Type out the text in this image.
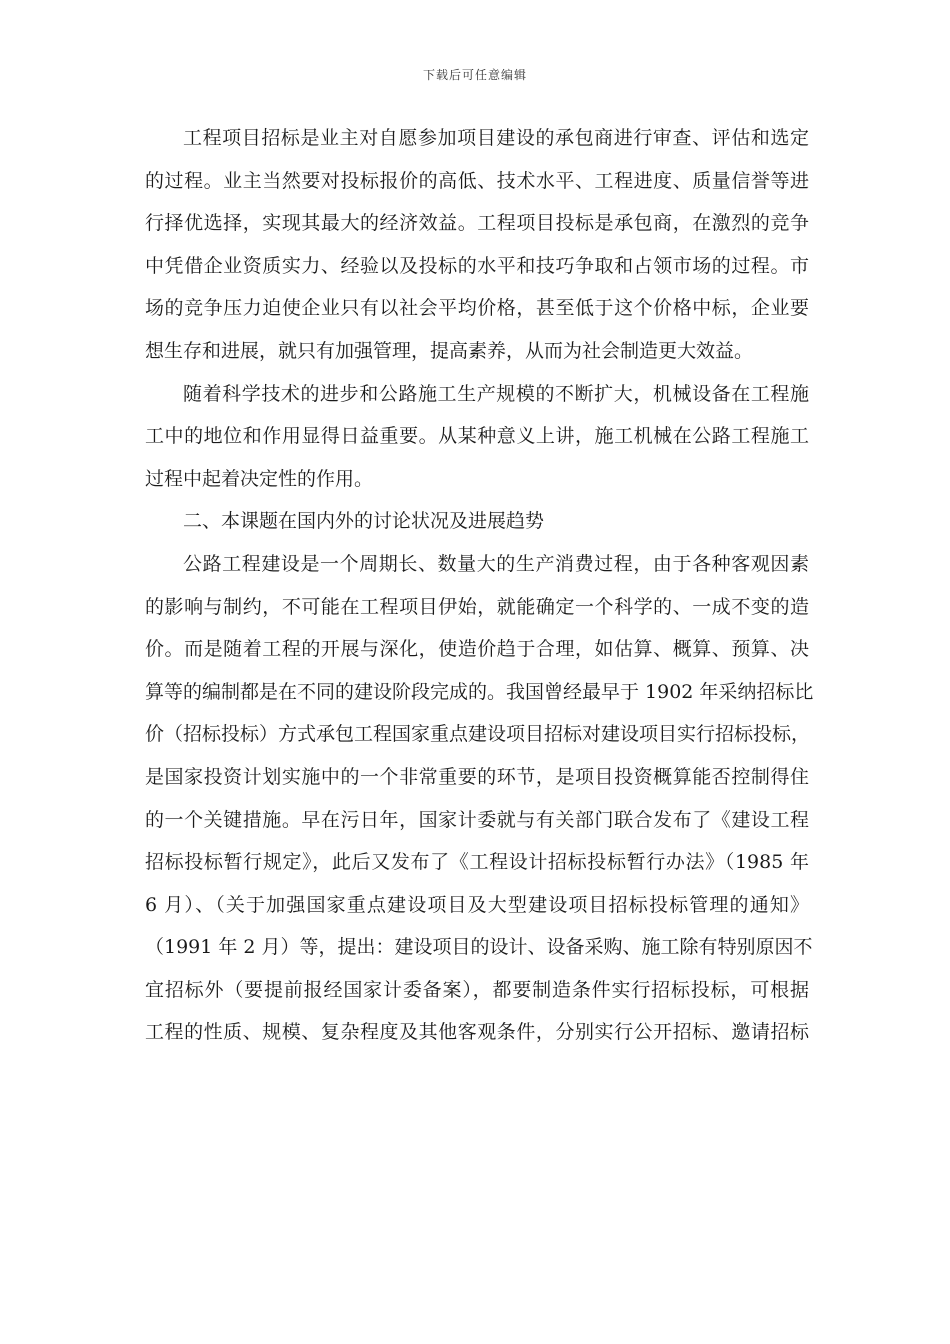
下载后可任意编辑
工程项目招标是业主对自愿参加项目建设的承包商进行审查、评估和选定
的过程。业主当然要对投标报价的高低、技术水平、工程进度、质量信誉等进
行择优选择，实现其最大的经济效益。工程项目投标是承包商，在激烈的竞争
中凭借企业资质实力、经验以及投标的水平和技巧争取和占领市场的过程。市
场的竞争压力迫使企业只有以社会平均价格，甚至低于这个价格中标，企业要
想生存和进展，就只有加强管理，提高素养，从而为社会制造更大效益。
随着科学技术的进步和公路施工生产规模的不断扩大，机械设备在工程施
工中的地位和作用显得日益重要。从某种意义上讲，施工机械在公路工程施工
过程中起着决定性的作用。
二、本课题在国内外的讨论状况及进展趋势
公路工程建设是一个周期长、数量大的生产消费过程，由于各种客观因素
的影响与制约，不可能在工程项目伊始，就能确定一个科学的、一成不变的造
价。而是随着工程的开展与深化，使造价趋于合理，如估算、概算、预算、决
算等的编制都是在不同的建设阶段完成的。我国曾经最早于 1902 年采纳招标比
价（招标投标）方式承包工程国家重点建设项目招标对建设项目实行招标投标，
是国家投资计划实施中的一个非常重要的环节，是项目投资概算能否控制得住
的一个关键措施。早在污日年，国家计委就与有关部门联合发布了《建设工程
招标投标暂行规定》，此后又发布了《工程设计招标投标暂行办法》（1985 年
6 月）、（关于加强国家重点建设项目及大型建设项目招标投标管理的通知》
（1991 年 2 月）等，提出：建设项目的设计、设备采购、施工除有特别原因不
宜招标外（要提前报经国家计委备案），都要制造条件实行招标投标，可根据
工程的性质、规模、复杂程度及其他客观条件，分别实行公开招标、邀请招标
